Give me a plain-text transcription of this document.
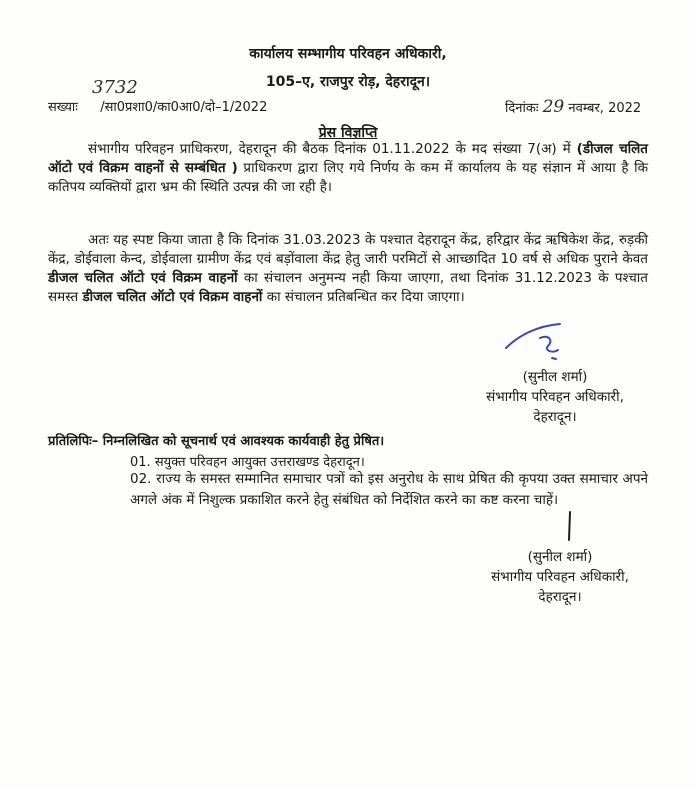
कार्यालय सम्भागीय परिवहन अधिकारी,
105–ए, राजपुर रोड़, देहरादून।
3732
सख्याः /सा0प्रशा0/का0आ0/दो–1/2022	दिनांकः 29 नवम्बर, 2022
प्रेस विज्ञप्ति
संभागीय परिवहन प्राधिकरण, देहरादून की बैठक दिनांक 01.11.2022 के मद संख्या 7(अ) में (डीजल चलित ऑटो एवं विक्रम वाहनों से सम्बंधित ) प्राधिकरण द्वारा लिए गये निर्णय के कम में कार्यालय के यह संज्ञान में आया है कि कतिपय व्यक्तियों द्वारा भ्रम की स्थिति उत्पन्न की जा रही है।
अतः यह स्पष्ट किया जाता है कि दिनांक 31.03.2023 के पश्चात देहरादून केंद्र, हरिद्वार केंद्र ऋषिकेश केंद्र, रुड़की केंद्र, डोईवाला केन्द, डोईवाला ग्रामीण केंद्र एवं बड़ोंवाला केंद्र हेतु जारी परमिटों से आच्छादित 10 वर्ष से अधिक पुराने केवत डीजल चलित ऑटो एवं विक्रम वाहनों का संचालन अनुमन्य नही किया जाएगा, तथा दिनांक 31.12.2023 के पश्चात समस्त डीजल चलित ऑटो एवं विक्रम वाहनों का संचालन प्रतिबन्धित कर दिया जाएगा।
(सुनील शर्मा)
संभागीय परिवहन अधिकारी,
देहरादून।
प्रतिलिपिः– निम्नलिखित को सूचनार्थ एवं आवश्यक कार्यवाही हेतु प्रेषित।
01. सयुक्त परिवहन आयुक्त उत्तराखण्ड देहरादून।
02. राज्य के समस्त सम्मानित समाचार पत्रों को इस अनुरोध के साथ प्रेषित की कृपया उक्त समाचार अपने अगले अंक में निशुल्क प्रकाशित करने हेतु संबंधित को निर्देशित करने का कष्ट करना चाहें।
(सुनील शर्मा)
संभागीय परिवहन अधिकारी,
देहरादून।
